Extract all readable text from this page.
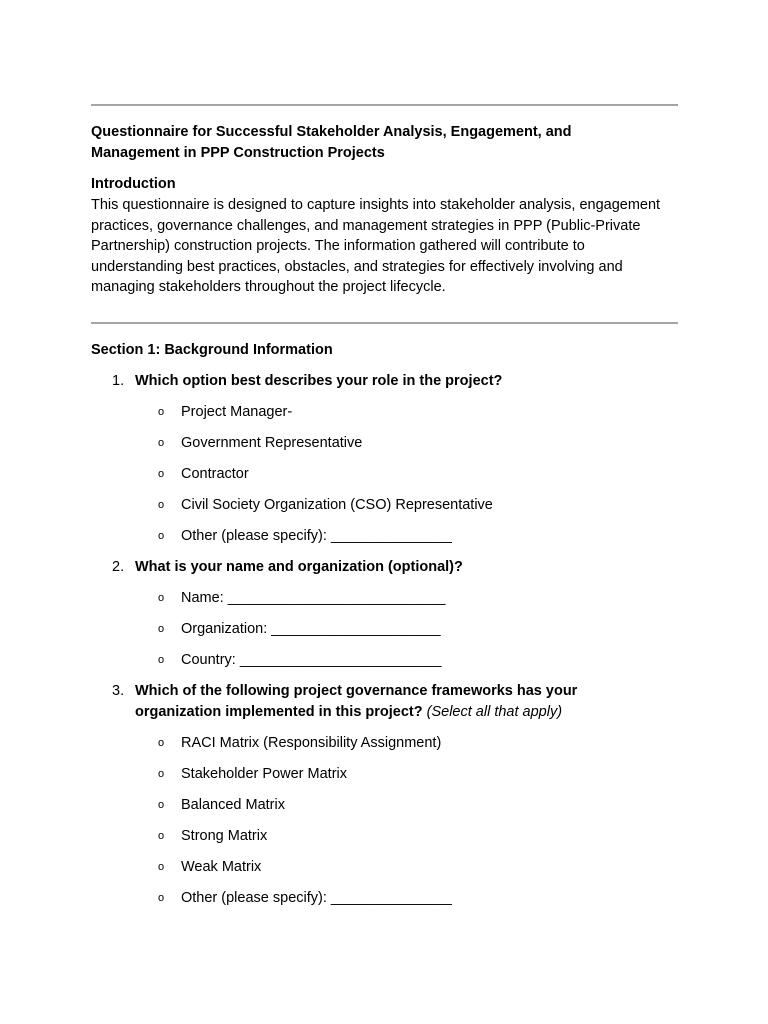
Questionnaire for Successful Stakeholder Analysis, Engagement, and Management in PPP Construction Projects
Introduction
This questionnaire is designed to capture insights into stakeholder analysis, engagement practices, governance challenges, and management strategies in PPP (Public-Private Partnership) construction projects. The information gathered will contribute to understanding best practices, obstacles, and strategies for effectively involving and managing stakeholders throughout the project lifecycle.
Section 1: Background Information
1. Which option best describes your role in the project?
o Project Manager-
o Government Representative
o Contractor
o Civil Society Organization (CSO) Representative
o Other (please specify): _______________
2. What is your name and organization (optional)?
o Name: ___________________________
o Organization: _____________________
o Country: _________________________
3. Which of the following project governance frameworks has your organization implemented in this project? (Select all that apply)
o RACI Matrix (Responsibility Assignment)
o Stakeholder Power Matrix
o Balanced Matrix
o Strong Matrix
o Weak Matrix
o Other (please specify): _______________
